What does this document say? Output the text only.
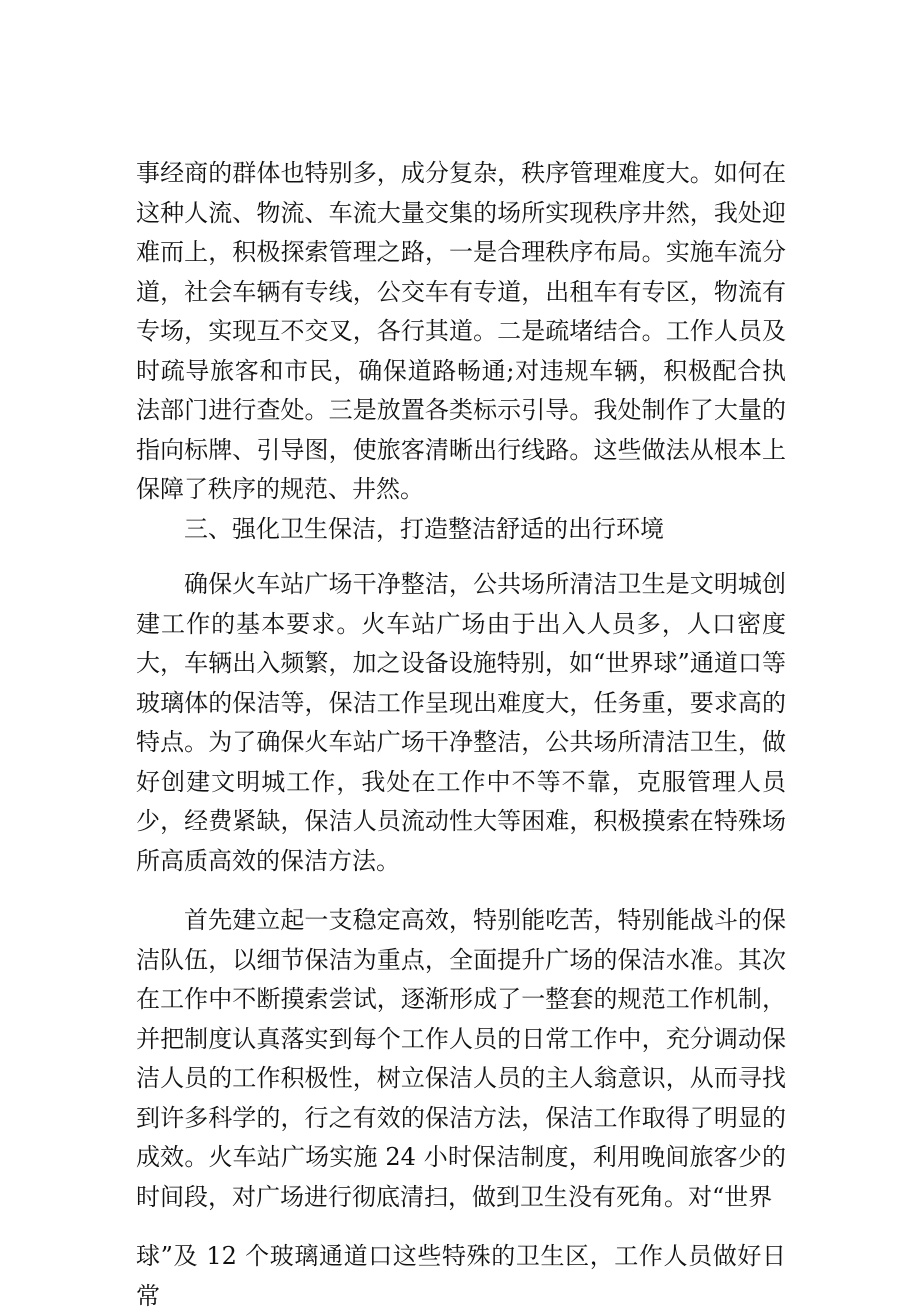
事经商的群体也特别多，成分复杂，秩序管理难度大。如何在这种人流、物流、车流大量交集的场所实现秩序井然，我处迎难而上，积极探索管理之路，一是合理秩序布局。实施车流分道，社会车辆有专线，公交车有专道，出租车有专区，物流有专场，实现互不交叉，各行其道。二是疏堵结合。工作人员及时疏导旅客和市民，确保道路畅通;对违规车辆，积极配合执法部门进行查处。三是放置各类标示引导。我处制作了大量的指向标牌、引导图，使旅客清晰出行线路。这些做法从根本上保障了秩序的规范、井然。

三、强化卫生保洁，打造整洁舒适的出行环境

确保火车站广场干净整洁，公共场所清洁卫生是文明城创建工作的基本要求。火车站广场由于出入人员多，人口密度大，车辆出入频繁，加之设备设施特别，如“世界球”通道口等玻璃体的保洁等，保洁工作呈现出难度大，任务重，要求高的特点。为了确保火车站广场干净整洁，公共场所清洁卫生，做好创建文明城工作，我处在工作中不等不靠，克服管理人员少，经费紧缺，保洁人员流动性大等困难，积极摸索在特殊场所高质高效的保洁方法。

首先建立起一支稳定高效，特别能吃苦，特别能战斗的保洁队伍，以细节保洁为重点，全面提升广场的保洁水准。其次在工作中不断摸索尝试，逐渐形成了一整套的规范工作机制，并把制度认真落实到每个工作人员的日常工作中，充分调动保洁人员的工作积极性，树立保洁人员的主人翁意识，从而寻找到许多科学的，行之有效的保洁方法，保洁工作取得了明显的成效。火车站广场实施 24 小时保洁制度，利用晚间旅客少的时间段，对广场进行彻底清扫，做到卫生没有死角。对“世界

球”及 12 个玻璃通道口这些特殊的卫生区，工作人员做好日常
